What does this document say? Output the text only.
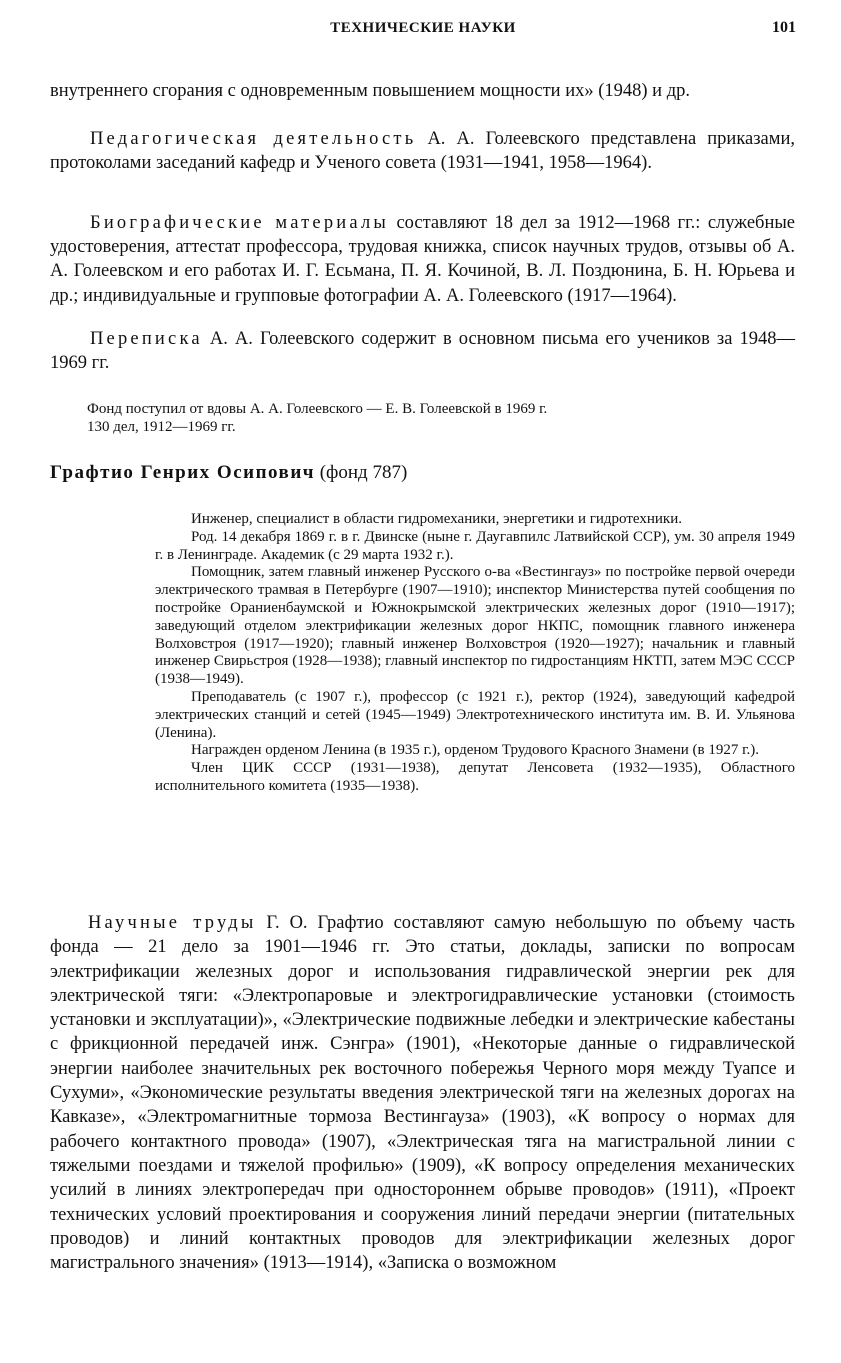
ТЕХНИЧЕСКИЕ НАУКИ	101
внутреннего сгорания с одновременным повышением мощности их» (1948) и др.
Педагогическая деятельность А. А. Голеевского представлена приказами, протоколами заседаний кафедр и Ученого совета (1931—1941, 1958—1964).
Биографические материалы составляют 18 дел за 1912—1968 гг.: служебные удостоверения, аттестат профессора, трудовая книжка, список научных трудов, отзывы об А. А. Голеевском и его работах И. Г. Есьмана, П. Я. Кочиной, В. Л. Поздюнина, Б. Н. Юрьева и др.; индивидуальные и групповые фотографии А. А. Голеевского (1917—1964).
Переписка А. А. Голеевского содержит в основном письма его учеников за 1948—1969 гг.
Фонд поступил от вдовы А. А. Голеевского — Е. В. Голеевской в 1969 г.
130 дел, 1912—1969 гг.
Графтио Генрих Осипович (фонд 787)
Инженер, специалист в области гидромеханики, энергетики и гидротехники.
Род. 14 декабря 1869 г. в г. Двинске (ныне г. Даугавпилс Латвийской ССР), ум. 30 апреля 1949 г. в Ленинграде. Академик (с 29 марта 1932 г.).
Помощник, затем главный инженер Русского о-ва «Вестингауз» по постройке первой очереди электрического трамвая в Петербурге (1907—1910); инспектор Министерства путей сообщения по постройке Ораниенбаумской и Южнокрымской электрических железных дорог (1910—1917); заведующий отделом электрификации железных дорог НКПС, помощник главного инженера Волховстроя (1917—1920); главный инженер Волховстроя (1920—1927); начальник и главный инженер Свирьстроя (1928—1938); главный инспектор по гидростанциям НКТП, затем МЭС СССР (1938—1949).
Преподаватель (с 1907 г.), профессор (с 1921 г.), ректор (1924), заведующий кафедрой электрических станций и сетей (1945—1949) Электротехнического института им. В. И. Ульянова (Ленина).
Награжден орденом Ленина (в 1935 г.), орденом Трудового Красного Знамени (в 1927 г.).
Член ЦИК СССР (1931—1938), депутат Ленсовета (1932—1935), Областного исполнительного комитета (1935—1938).
Научные труды Г. О. Графтио составляют самую небольшую по объему часть фонда — 21 дело за 1901—1946 гг. Это статьи, доклады, записки по вопросам электрификации железных дорог и использования гидравлической энергии рек для электрической тяги: «Электропаровые и электрогидравлические установки (стоимость установки и эксплуатации)», «Электрические подвижные лебедки и электрические кабестаны с фрикционной передачей инж. Сэнгра» (1901), «Некоторые данные о гидравлической энергии наиболее значительных рек восточного побережья Черного моря между Туапсе и Сухуми», «Экономические результаты введения электрической тяги на железных дорогах на Кавказе», «Электромагнитные тормоза Вестингауза» (1903), «К вопросу о нормах для рабочего контактного провода» (1907), «Электрическая тяга на магистральной линии с тяжелыми поездами и тяжелой профилью» (1909), «К вопросу определения механических усилий в линиях электропередач при одностороннем обрыве проводов» (1911), «Проект технических условий проектирования и сооружения линий передачи энергии (питательных проводов) и линий контактных проводов для электрификации железных дорог магистрального значения» (1913—1914), «Записка о возможном
